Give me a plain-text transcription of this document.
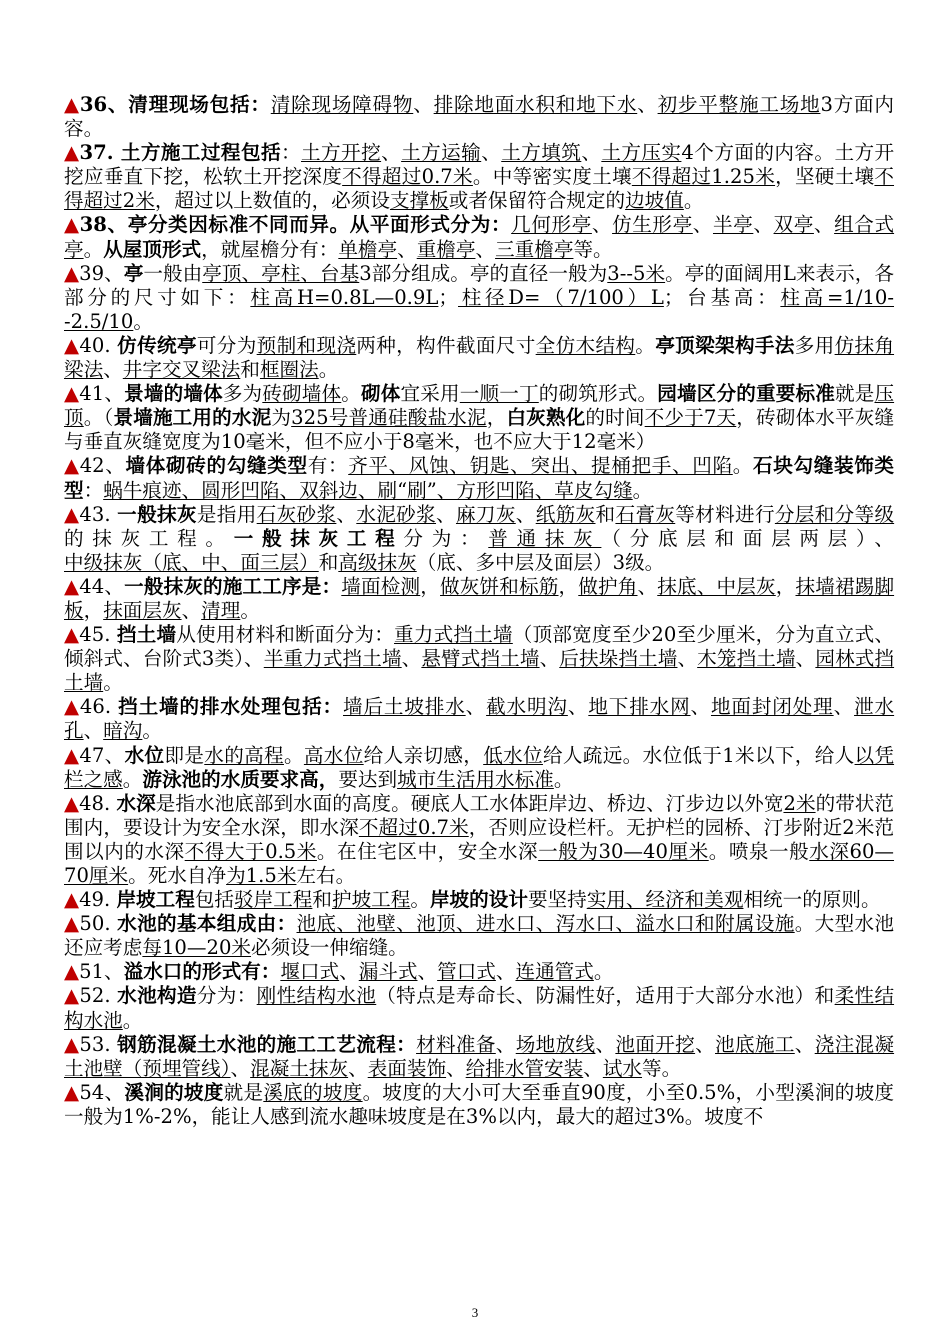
▲36、清理现场包括：清除现场障碍物、排除地面水积和地下水、初步平整施工场地3方面内容。

▲37. 土方施工过程包括：土方开挖、土方运输、土方填筑、土方压实4个方面的内容。土方开挖应垂直下挖，松软土开挖深度不得超过0.7米。中等密实度土壤不得超过1.25米，坚硬土壤不得超过2米，超过以上数值的，必须设支撑板或者保留符合规定的边坡值。

▲38、亭分类因标准不同而异。从平面形式分为：几何形亭、仿生形亭、半亭、双亭、组合式亭。从屋顶形式，就屋檐分有：单檐亭、重檐亭、三重檐亭等。

▲39、亭一般由亭顶、亭柱、台基3部分组成。亭的直径一般为3--5米。亭的面阔用L来表示，各部分的尺寸如下：柱高H=0.8L—0.9L；柱径D=（7/100）L；台基高：柱高=1/10--2.5/10。

▲40. 仿传统亭可分为预制和现浇两种，构件截面尺寸全仿木结构。亭顶梁架构手法多用仿抹角梁法、井字交叉梁法和框圈法。

▲41、景墙的墙体多为砖砌墙体。砌体宜采用一顺一丁的砌筑形式。园墙区分的重要标准就是压顶。（景墙施工用的水泥为325号普通硅酸盐水泥，白灰熟化的时间不少于7天，砖砌体水平灰缝与垂直灰缝宽度为10毫米，但不应小于8毫米，也不应大于12毫米）

▲42、墙体砌砖的勾缝类型有：齐平、风蚀、钥匙、突出、提桶把手、凹陷。石块勾缝装饰类型：蜗牛痕迹、圆形凹陷、双斜边、刷“刷”、方形凹陷、草皮勾缝。

▲43. 一般抹灰是指用石灰砂浆、水泥砂浆、麻刀灰、纸筋灰和石膏灰等材料进行分层和分等级的抹灰工程。一般抹灰工程分为：普通抹灰（分底层和面层两层）、中级抹灰（底、中、面三层）和高级抹灰（底、多中层及面层）3级。

▲44、一般抹灰的施工工序是：墙面检测，做灰饼和标筋，做护角、抹底、中层灰，抹墙裙踢脚板，抹面层灰、清理。

▲45. 挡土墙从使用材料和断面分为：重力式挡土墙（顶部宽度至少20至少厘米，分为直立式、倾斜式、台阶式3类）、半重力式挡土墙、悬臂式挡土墙、后扶垛挡土墙、木笼挡土墙、园林式挡土墙。

▲46. 挡土墙的排水处理包括：墙后土坡排水、截水明沟、地下排水网、地面封闭处理、泄水孔、暗沟。

▲47、水位即是水的高程。高水位给人亲切感，低水位给人疏远。水位低于1米以下，给人以凭栏之感。游泳池的水质要求高，要达到城市生活用水标准。

▲48. 水深是指水池底部到水面的高度。硬底人工水体距岸边、桥边、汀步边以外宽2米的带状范围内，要设计为安全水深，即水深不超过0.7米，否则应设栏杆。无护栏的园桥、汀步附近2米范围以内的水深不得大于0.5米。在住宅区中，安全水深一般为30—40厘米。喷泉一般水深60—70厘米。死水自净为1.5米左右。

▲49. 岸坡工程包括驳岸工程和护坡工程。岸坡的设计要坚持实用、经济和美观相统一的原则。

▲50. 水池的基本组成由：池底、池壁、池顶、进水口、泻水口、溢水口和附属设施。大型水池还应考虑每10—20米必须设一伸缩缝。

▲51、溢水口的形式有：堰口式、漏斗式、管口式、连通管式。

▲52. 水池构造分为：刚性结构水池（特点是寿命长、防漏性好，适用于大部分水池）和柔性结构水池。

▲53. 钢筋混凝土水池的施工工艺流程：材料准备、场地放线、池面开挖、池底施工、浇注混凝土池壁（预埋管线）、混凝土抹灰、表面装饰、给排水管安装、试水等。

▲54、溪涧的坡度就是溪底的坡度。坡度的大小可大至垂直90度，小至0.5%，小型溪涧的坡度一般为1%-2%，能让人感到流水趣味坡度是在3%以内，最大的超过3%。坡度不

3
